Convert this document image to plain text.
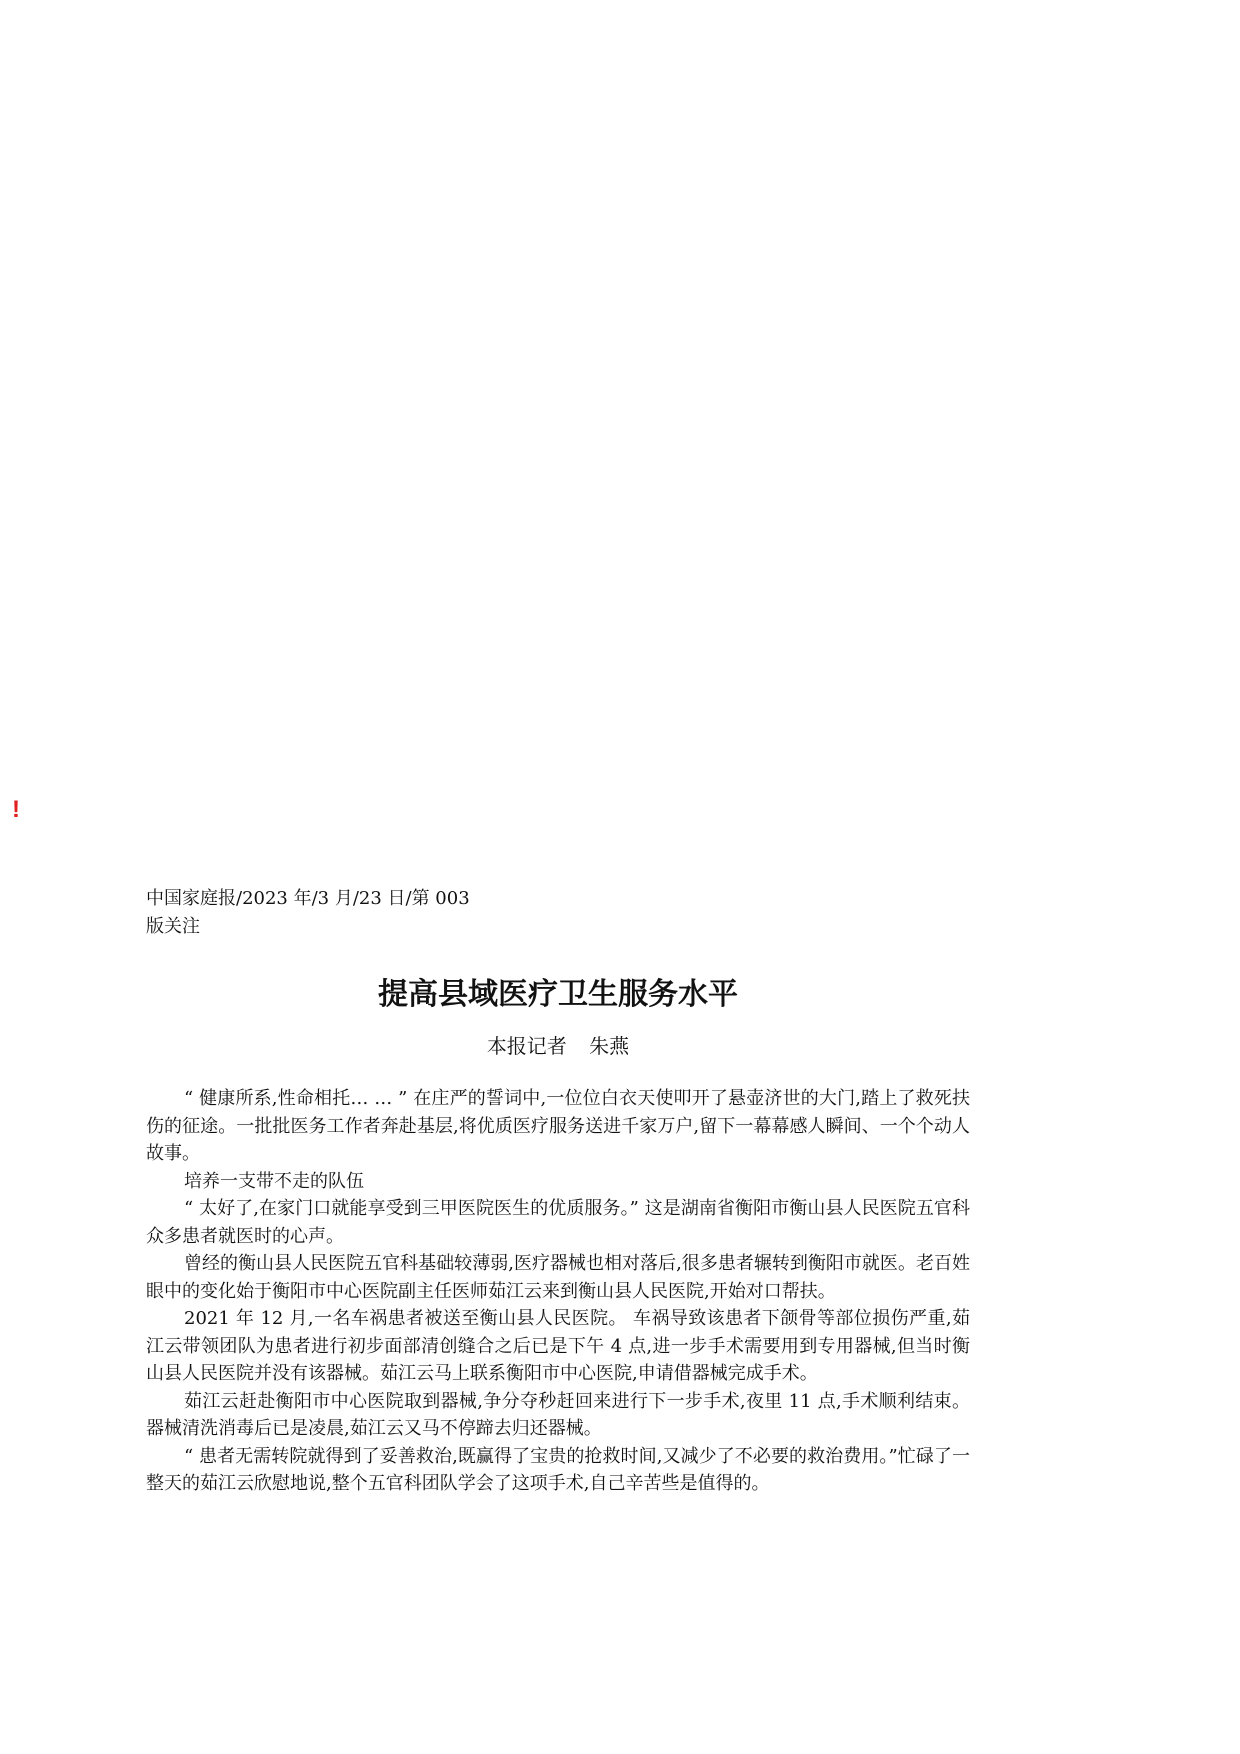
!
中国家庭报/2023 年/3 月/23 日/第 003
版关注
提高县域医疗卫生服务水平
本报记者 朱燕

“ 健康所系,性命相托… … ” 在庄严的誓词中,一位位白衣天使叩开了悬壶济世的大门,踏上了救死扶伤的征途。一批批医务工作者奔赴基层,将优质医疗服务送进千家万户,留下一幕幕感人瞬间、一个个动人故事。

培养一支带不走的队伍

“ 太好了,在家门口就能享受到三甲医院医生的优质服务。” 这是湖南省衡阳市衡山县人民医院五官科众多患者就医时的心声。

曾经的衡山县人民医院五官科基础较薄弱,医疗器械也相对落后,很多患者辗转到衡阳市就医。老百姓眼中的变化始于衡阳市中心医院副主任医师茹江云来到衡山县人民医院,开始对口帮扶。

2021 年 12 月,一名车祸患者被送至衡山县人民医院。 车祸导致该患者下颌骨等部位损伤严重,茹江云带领团队为患者进行初步面部清创缝合之后已是下午 4 点,进一步手术需要用到专用器械,但当时衡山县人民医院并没有该器械。茹江云马上联系衡阳市中心医院,申请借器械完成手术。

茹江云赶赴衡阳市中心医院取到器械,争分夺秒赶回来进行下一步手术,夜里 11 点,手术顺利结束。器械清洗消毒后已是凌晨,茹江云又马不停蹄去归还器械。

“ 患者无需转院就得到了妥善救治,既赢得了宝贵的抢救时间,又减少了不必要的救治费用。”忙碌了一整天的茹江云欣慰地说,整个五官科团队学会了这项手术,自己辛苦些是值得的。
